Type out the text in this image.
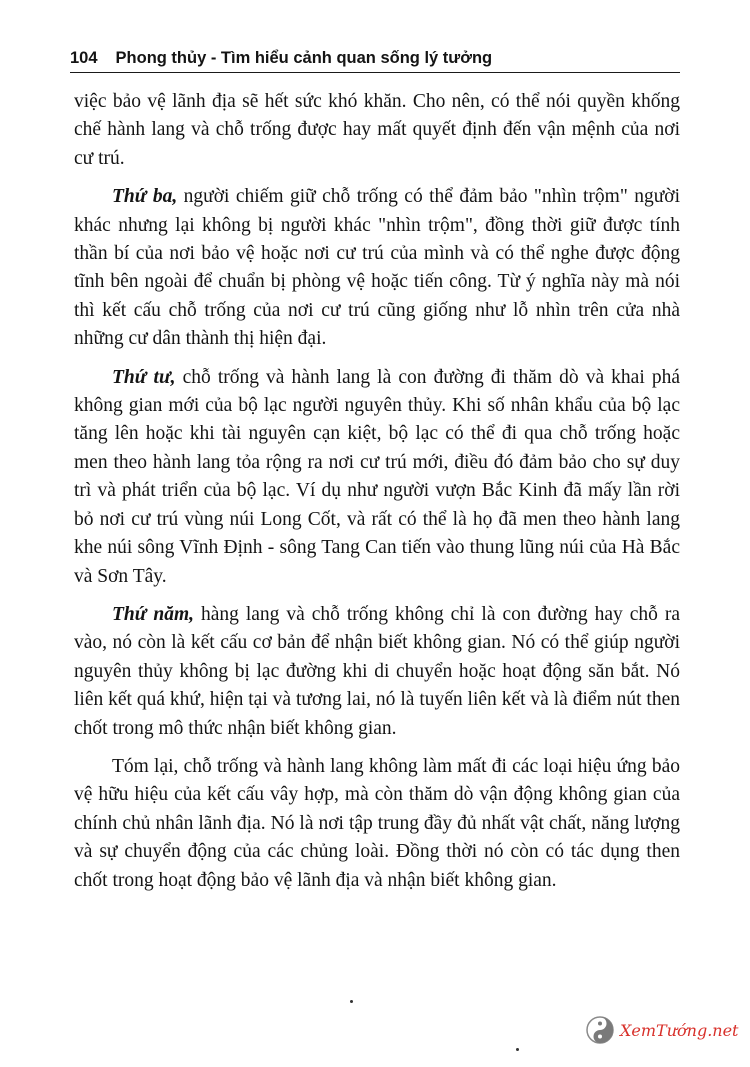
104 Phong thủy - Tìm hiểu cảnh quan sống lý tưởng

việc bảo vệ lãnh địa sẽ hết sức khó khăn. Cho nên, có thể nói quyền khống chế hành lang và chỗ trống được hay mất quyết định đến vận mệnh của nơi cư trú.

Thứ ba, người chiếm giữ chỗ trống có thể đảm bảo "nhìn trộm" người khác nhưng lại không bị người khác "nhìn trộm", đồng thời giữ được tính thần bí của nơi bảo vệ hoặc nơi cư trú của mình và có thể nghe được động tĩnh bên ngoài để chuẩn bị phòng vệ hoặc tiến công. Từ ý nghĩa này mà nói thì kết cấu chỗ trống của nơi cư trú cũng giống như lỗ nhìn trên cửa nhà những cư dân thành thị hiện đại.

Thứ tư, chỗ trống và hành lang là con đường đi thăm dò và khai phá không gian mới của bộ lạc người nguyên thủy. Khi số nhân khẩu của bộ lạc tăng lên hoặc khi tài nguyên cạn kiệt, bộ lạc có thể đi qua chỗ trống hoặc men theo hành lang tỏa rộng ra nơi cư trú mới, điều đó đảm bảo cho sự duy trì và phát triển của bộ lạc. Ví dụ như người vượn Bắc Kinh đã mấy lần rời bỏ nơi cư trú vùng núi Long Cốt, và rất có thể là họ đã men theo hành lang khe núi sông Vĩnh Định - sông Tang Can tiến vào thung lũng núi của Hà Bắc và Sơn Tây.

Thứ năm, hàng lang và chỗ trống không chỉ là con đường hay chỗ ra vào, nó còn là kết cấu cơ bản để nhận biết không gian. Nó có thể giúp người nguyên thủy không bị lạc đường khi di chuyển hoặc hoạt động săn bắt. Nó liên kết quá khứ, hiện tại và tương lai, nó là tuyến liên kết và là điểm nút then chốt trong mô thức nhận biết không gian.

Tóm lại, chỗ trống và hành lang không làm mất đi các loại hiệu ứng bảo vệ hữu hiệu của kết cấu vây hợp, mà còn thăm dò vận động không gian của chính chủ nhân lãnh địa. Nó là nơi tập trung đầy đủ nhất vật chất, năng lượng và sự chuyển động của các chủng loài. Đồng thời nó còn có tác dụng then chốt trong hoạt động bảo vệ lãnh địa và nhận biết không gian.

XemTướng.net
